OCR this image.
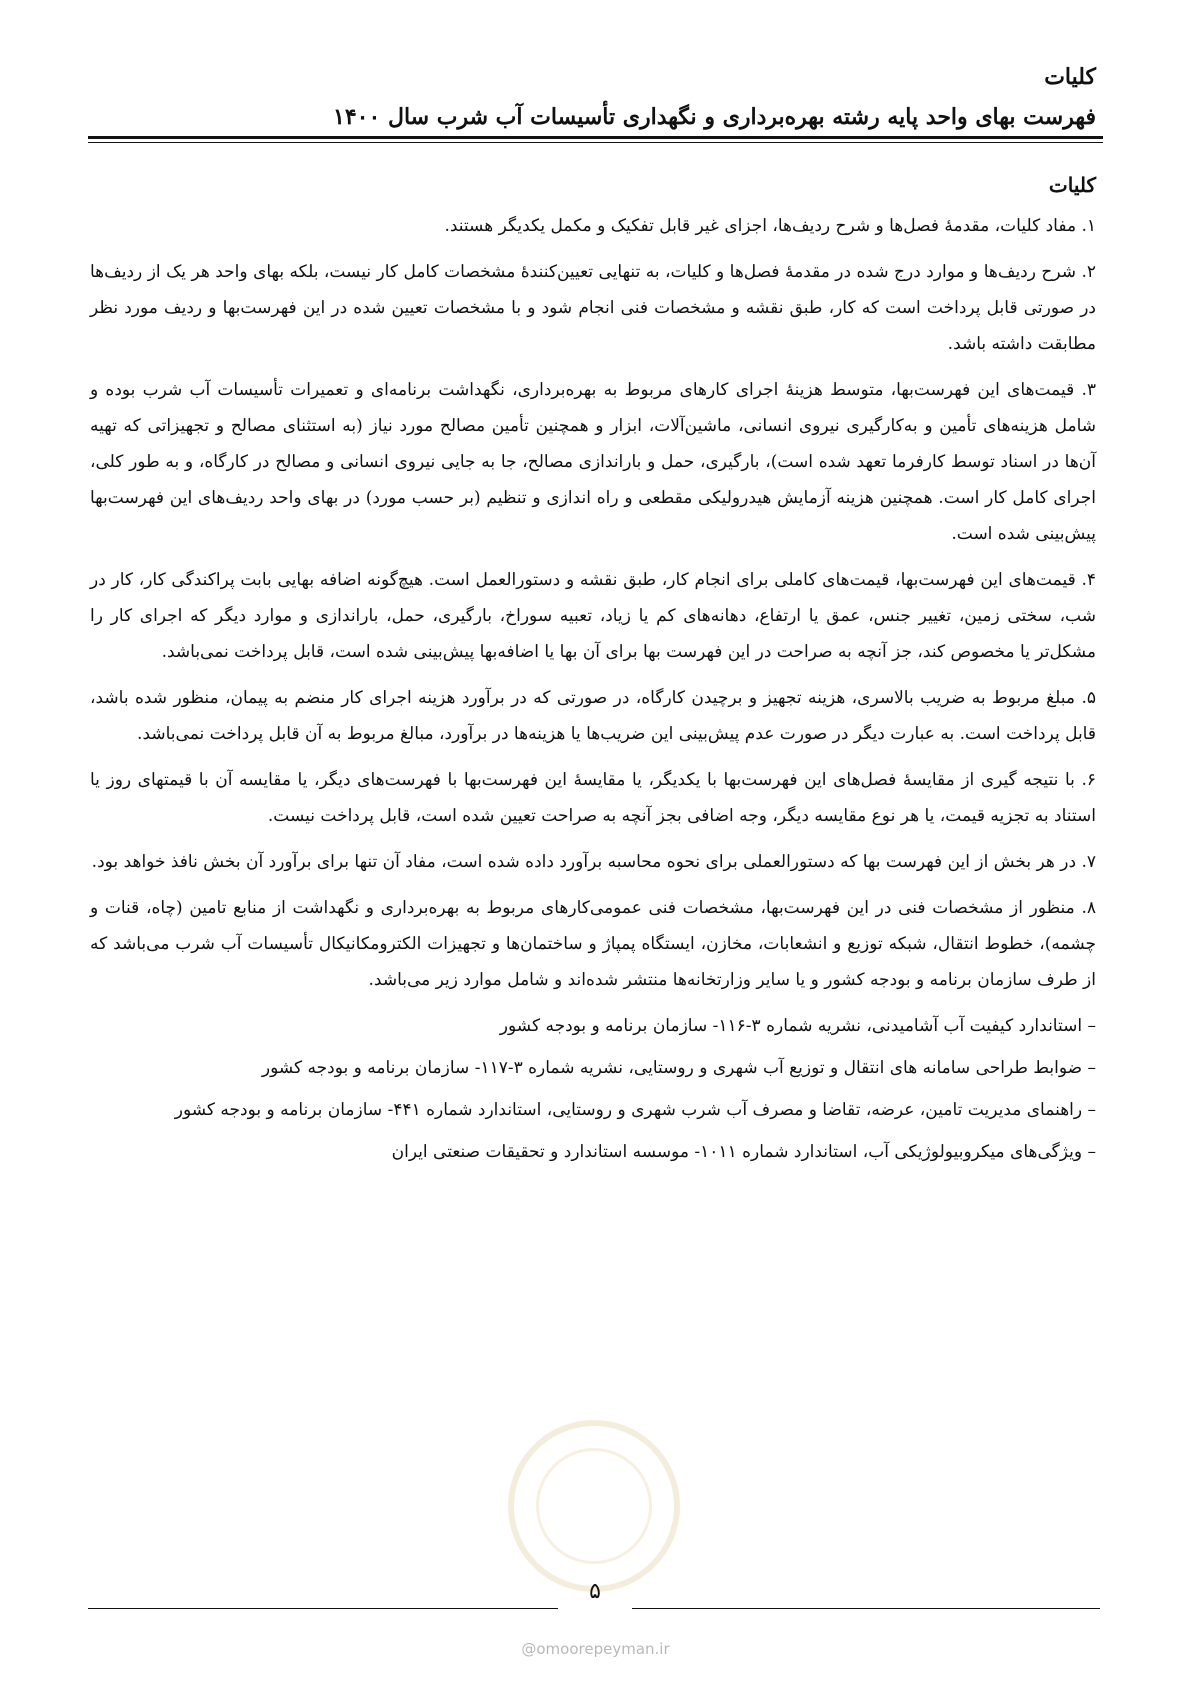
کلیات
فهرست بهای واحد پایه رشته بهره‌برداری و نگهداری تأسیسات آب شرب سال ۱۴۰۰
کلیات

۱. مفاد کلیات، مقدمهٔ فصل‌ها و شرح ردیف‌ها، اجزای غیر قابل تفکیک و مکمل یکدیگر هستند.

۲. شرح ردیف‌ها و موارد درج شده در مقدمهٔ فصل‌ها و کلیات، به تنهایی تعیین‌کنندهٔ مشخصات کامل کار نیست، بلکه بهای واحد هر یک از ردیف‌ها در صورتی قابل پرداخت است که کار، طبق نقشه و مشخصات فنی انجام شود و با مشخصات تعیین شده در این فهرست‌بها و ردیف مورد نظر مطابقت داشته باشد.

۳. قیمت‌های این فهرست‌بها، متوسط هزینهٔ اجرای کارهای مربوط به بهره‌برداری، نگهداشت برنامه‌ای و تعمیرات تأسیسات آب شرب بوده و شامل هزینه‌های تأمین و به‌کارگیری نیروی انسانی، ماشین‌آلات، ابزار و همچنین تأمین مصالح مورد نیاز (به استثنای مصالح و تجهیزاتی که تهیه آن‌ها در اسناد توسط کارفرما تعهد شده است)، بارگیری، حمل و باراندازی مصالح، جا به جایی نیروی انسانی و مصالح در کارگاه، و به طور کلی، اجرای کامل کار است. همچنین هزینه آزمایش هیدرولیکی مقطعی و راه اندازی و تنظیم (بر حسب مورد) در بهای واحد ردیف‌های این فهرست‌بها پیش‌بینی شده است.

۴. قیمت‌های این فهرست‌بها، قیمت‌های کاملی برای انجام کار، طبق نقشه و دستورالعمل است. هیچ‌گونه اضافه بهایی بابت پراکندگی کار، کار در شب، سختی زمین، تغییر جنس، عمق یا ارتفاع، دهانه‌های کم یا زیاد، تعبیه سوراخ، بارگیری، حمل، باراندازی و موارد دیگر که اجرای کار را مشکل‌تر یا مخصوص کند، جز آنچه به صراحت در این فهرست بها برای آن بها یا اضافه‌بها پیش‌بینی شده است، قابل پرداخت نمی‌باشد.

۵. مبلغ مربوط به ضریب بالاسری، هزینه تجهیز و برچیدن کارگاه، در صورتی که در برآورد هزینه اجرای کار منضم به پیمان، منظور شده باشد، قابل پرداخت است. به عبارت دیگر در صورت عدم پیش‌بینی این ضریب‌ها یا هزینه‌ها در برآورد، مبالغ مربوط به آن قابل پرداخت نمی‌باشد.

۶. با نتیجه گیری از مقایسهٔ فصل‌های این فهرست‌بها با یکدیگر، یا مقایسهٔ این فهرست‌بها با فهرست‌های دیگر، یا مقایسه آن با قیمتهای روز یا استناد به تجزیه قیمت، یا هر نوع مقایسه دیگر، وجه اضافی بجز آنچه به صراحت تعیین شده است، قابل پرداخت نیست.

۷. در هر بخش از این فهرست بها که دستورالعملی برای نحوه محاسبه برآورد داده شده است، مفاد آن تنها برای برآورد آن بخش نافذ خواهد بود.

۸. منظور از مشخصات فنی در این فهرست‌بها، مشخصات فنی عمومی‌کارهای مربوط به بهره‌برداری و نگهداشت از منابع تامین (چاه، قنات و چشمه)، خطوط انتقال، شبکه توزیع و انشعابات، مخازن، ایستگاه پمپاژ و ساختمان‌ها و تجهیزات الکترومکانیکال تأسیسات آب شرب می‌باشد که از طرف سازمان برنامه و بودجه کشور و یا سایر وزارتخانه‌ها منتشر شده‌اند و شامل موارد زیر می‌باشد.

– استاندارد کیفیت آب آشامیدنی، نشریه شماره ۳-۱۱۶- سازمان برنامه و بودجه کشور
– ضوابط طراحی سامانه های انتقال و توزیع آب شهری و روستایی، نشریه شماره ۳-۱۱۷- سازمان برنامه و بودجه کشور
– راهنمای مدیریت تامین، عرضه، تقاضا و مصرف آب شرب شهری و روستایی، استاندارد شماره ۴۴۱- سازمان برنامه و بودجه کشور
– ویژگی‌های میکروبیولوژیکی آب، استاندارد شماره ۱۰۱۱- موسسه استاندارد و تحقیقات صنعتی ایران
۵
@omoorepeyman.ir
